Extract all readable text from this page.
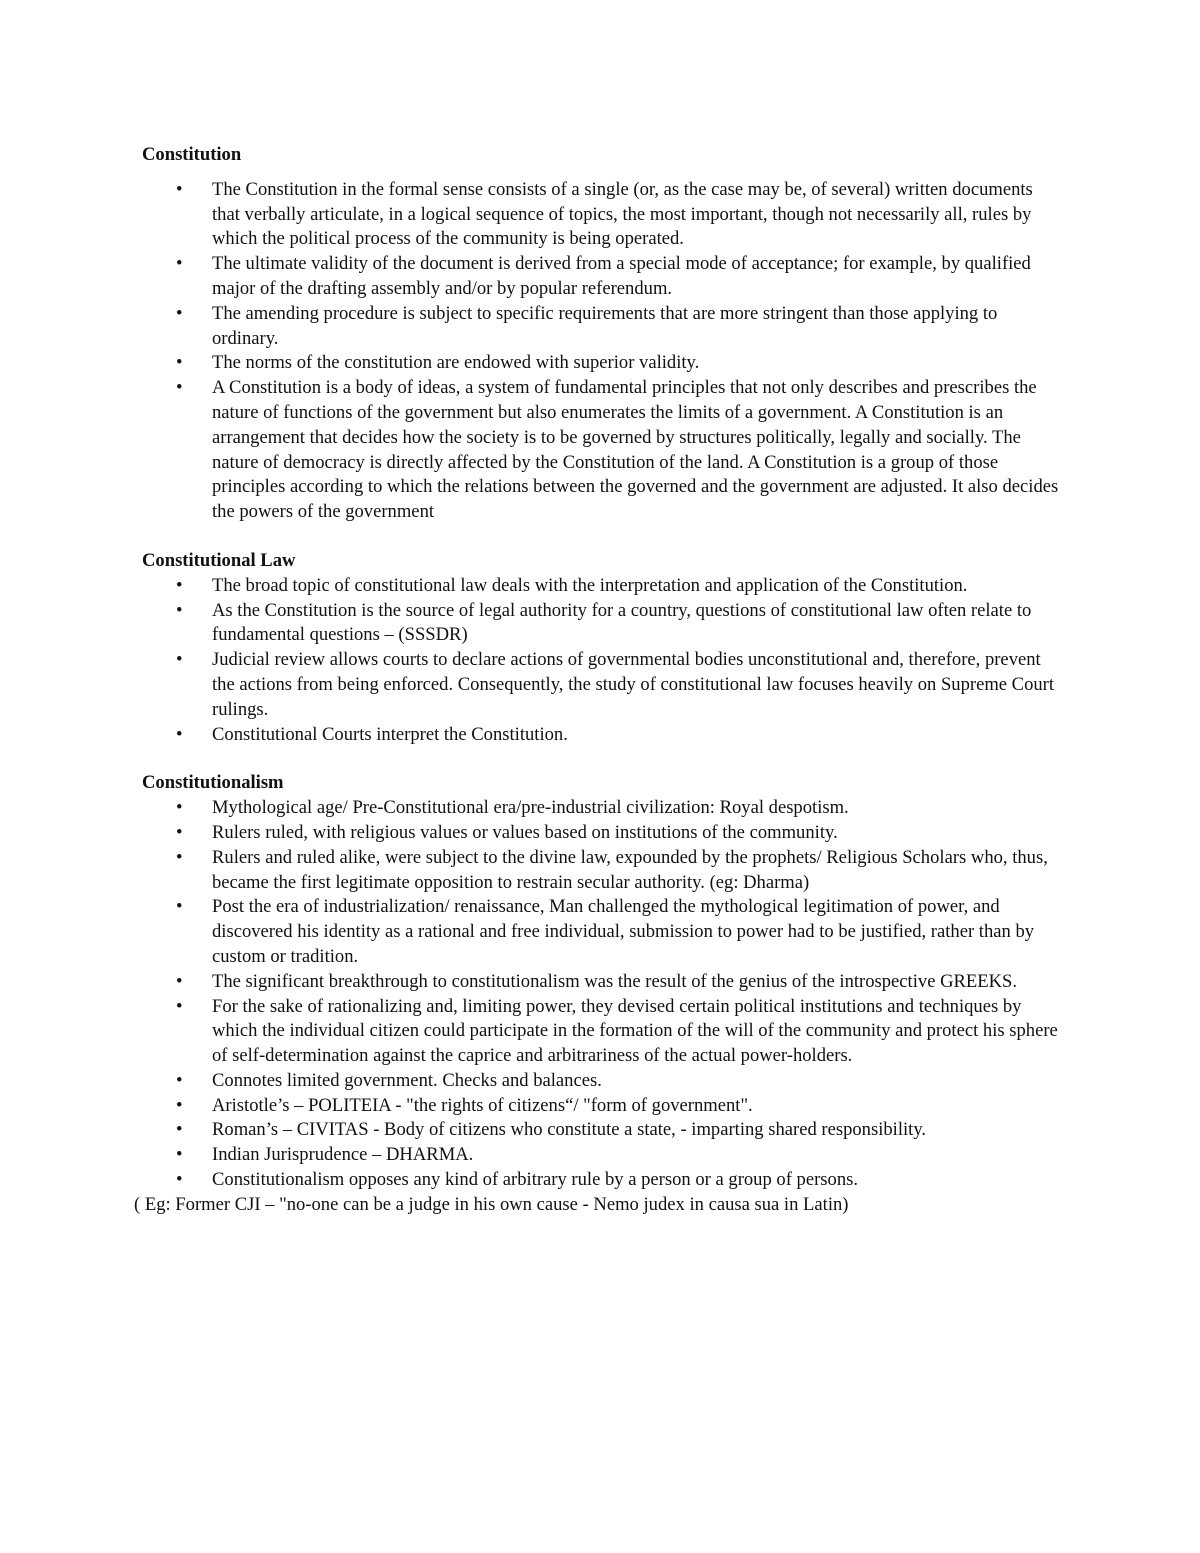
Constitution

• The Constitution in the formal sense consists of a single (or, as the case may be, of several) written documents that verbally articulate, in a logical sequence of topics, the most important, though not necessarily all, rules by which the political process of the community is being operated.
• The ultimate validity of the document is derived from a special mode of acceptance; for example, by qualified major of the drafting assembly and/or by popular referendum.
• The amending procedure is subject to specific requirements that are more stringent than those applying to ordinary.
• The norms of the constitution are endowed with superior validity.
• A Constitution is a body of ideas, a system of fundamental principles that not only describes and prescribes the nature of functions of the government but also enumerates the limits of a government. A Constitution is an arrangement that decides how the society is to be governed by structures politically, legally and socially. The nature of democracy is directly affected by the Constitution of the land. A Constitution is a group of those principles according to which the relations between the governed and the government are adjusted. It also decides the powers of the government

Constitutional Law

• The broad topic of constitutional law deals with the interpretation and application of the Constitution.
• As the Constitution is the source of legal authority for a country, questions of constitutional law often relate to fundamental questions – (SSSDR)
• Judicial review allows courts to declare actions of governmental bodies unconstitutional and, therefore, prevent the actions from being enforced. Consequently, the study of constitutional law focuses heavily on Supreme Court rulings.
• Constitutional Courts interpret the Constitution.

Constitutionalism

• Mythological age/ Pre-Constitutional era/pre-industrial civilization: Royal despotism.
• Rulers ruled, with religious values or values based on institutions of the community.
• Rulers and ruled alike, were subject to the divine law, expounded by the prophets/ Religious Scholars who, thus, became the first legitimate opposition to restrain secular authority. (eg: Dharma)
• Post the era of industrialization/ renaissance, Man challenged the mythological legitimation of power, and discovered his identity as a rational and free individual, submission to power had to be justified, rather than by custom or tradition.
• The significant breakthrough to constitutionalism was the result of the genius of the introspective GREEKS.
• For the sake of rationalizing and, limiting power, they devised certain political institutions and techniques by which the individual citizen could participate in the formation of the will of the community and protect his sphere of self-determination against the caprice and arbitrariness of the actual power-holders.
• Connotes limited government. Checks and balances.
• Aristotle’s – POLITEIA - "the rights of citizens“/ "form of government".
• Roman’s – CIVITAS - Body of citizens who constitute a state, - imparting shared responsibility.
• Indian Jurisprudence – DHARMA.
• Constitutionalism opposes any kind of arbitrary rule by a person or a group of persons.

( Eg: Former CJI – "no-one can be a judge in his own cause - Nemo judex in causa sua in Latin)
